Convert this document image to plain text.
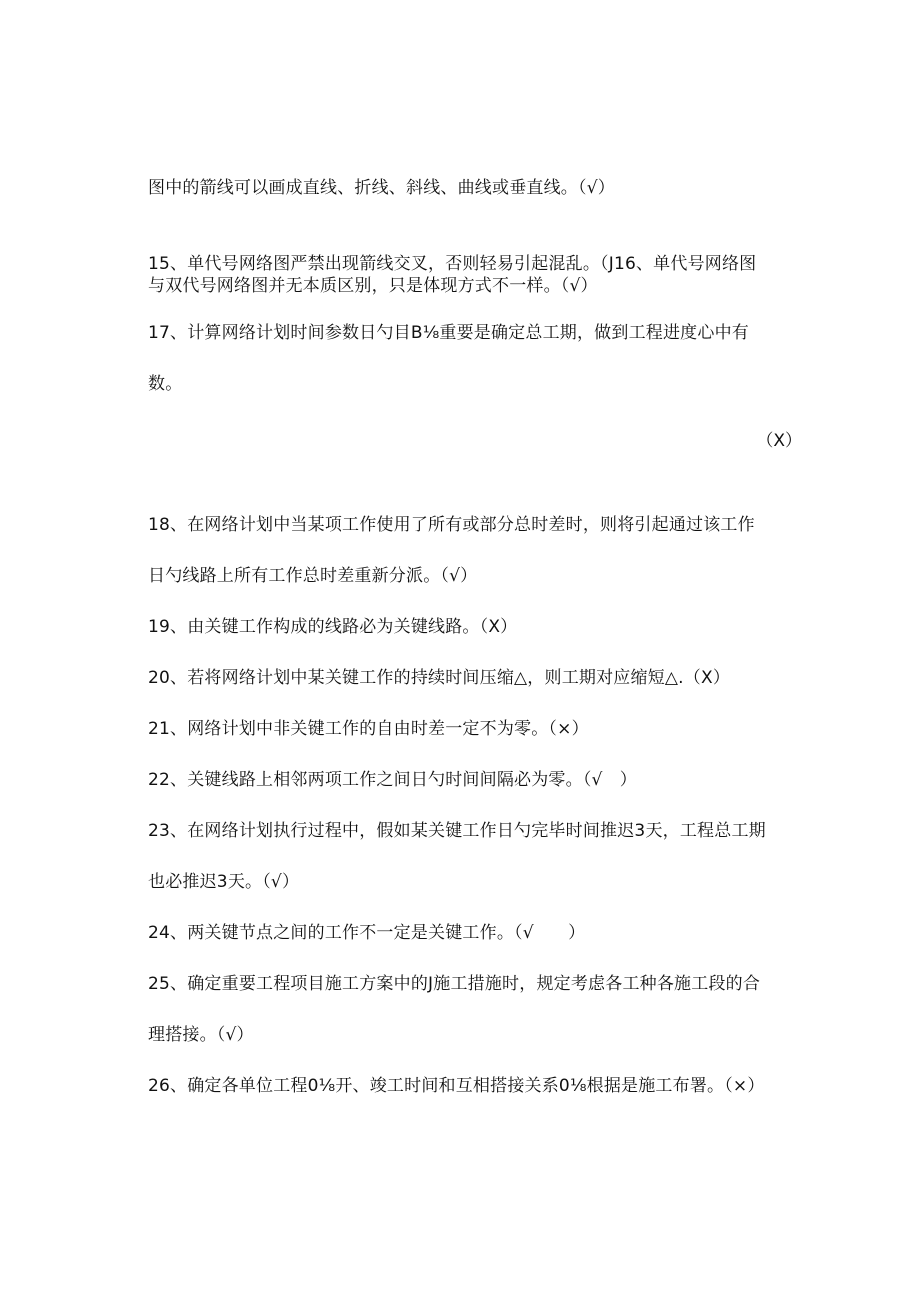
图中的箭线可以画成直线、折线、斜线、曲线或垂直线。（√）
15、单代号网络图严禁出现箭线交叉，否则轻易引起混乱。（J16、单代号网络图
与双代号网络图并无本质区别，只是体现方式不一样。（√）
17、计算网络计划时间参数日勺目B⅛重要是确定总工期，做到工程进度心中有
数。
（X）
18、在网络计划中当某项工作使用了所有或部分总时差时，则将引起通过该工作
日勺线路上所有工作总时差重新分派。（√）
19、由关键工作构成的线路必为关键线路。（X）
20、若将网络计划中某关键工作的持续时间压缩△，则工期对应缩短△.（X）
21、网络计划中非关键工作的自由时差一定不为零。（×）
22、关键线路上相邻两项工作之间日勺时间间隔必为零。（√　）
23、在网络计划执行过程中，假如某关键工作日勺完毕时间推迟3天，工程总工期
也必推迟3天。（√）
24、两关键节点之间的工作不一定是关键工作。（√　　）
25、确定重要工程项目施工方案中的J施工措施时，规定考虑各工种各施工段的合
理搭接。（√）
26、确定各单位工程0⅛开、竣工时间和互相搭接关系0⅛根据是施工布署。（×）
